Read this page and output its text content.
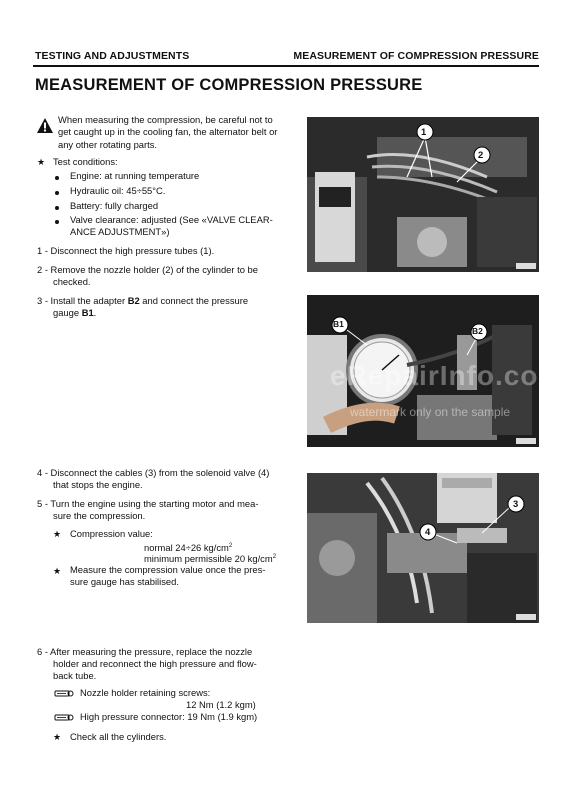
TESTING AND ADJUSTMENTS	MEASUREMENT OF COMPRESSION PRESSURE
MEASUREMENT OF COMPRESSION PRESSURE
When measuring the compression, be careful not to
get caught up in the cooling fan, the alternator belt or
any other rotating parts.
★ Test conditions:
Engine: at running temperature
Hydraulic oil: 45÷55°C.
Battery: fully charged
Valve clearance: adjusted (See «VALVE CLEAR-
ANCE ADJUSTMENT»)
1 - Disconnect the high pressure tubes (1).
2 - Remove the nozzle holder (2) of the cylinder to be
checked.
3 - Install the adapter B2 and connect the pressure
gauge B1.
4 - Disconnect the cables (3) from the solenoid valve (4)
that stops the engine.
5 - Turn the engine using the starting motor and mea-
sure the compression.
★ Compression value:
normal 24÷26 $kg/cm^2$
minimum permissible 20 $kg/cm^2$
★ Measure the compression value once the pres-
sure gauge has stabilised.
6 - After measuring the pressure, replace the nozzle
holder and reconnect the high pressure and flow-
back tube.
Nozzle holder retaining screws:
12 Nm (1.2 kgm)
High pressure connector: 19 Nm (1.9 kgm)
★ Check all the cylinders.
1
2
B1
B2
3
4
eRepairInfo.com
watermark only on the sample
